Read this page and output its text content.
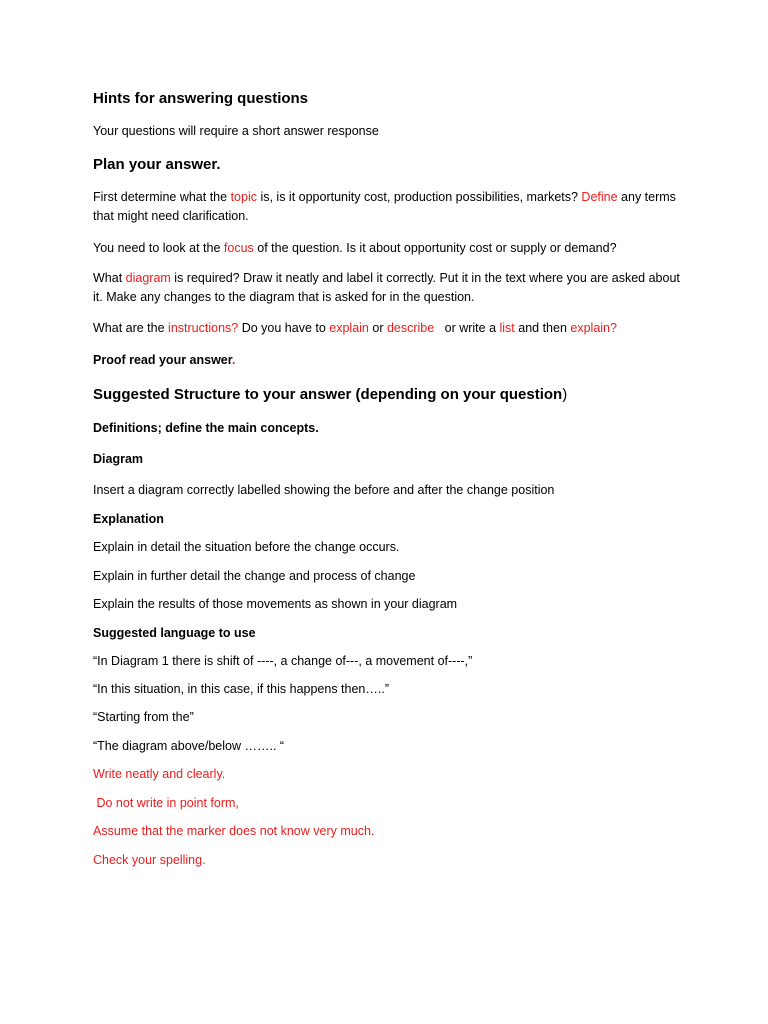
Hints for answering questions

Your questions will require a short answer response

Plan your answer.

First determine what the topic is, is it opportunity cost, production possibilities, markets? Define any terms that might need clarification.

You need to look at the focus of the question. Is it about opportunity cost or supply or demand?

What diagram is required? Draw it neatly and label it correctly. Put it in the text where you are asked about it. Make any changes to the diagram that is asked for in the question.

What are the instructions? Do you have to explain or describe   or write a list and then explain?

Proof read your answer.

Suggested Structure to your answer (depending on your question)

Definitions; define the main concepts.

Diagram

Insert a diagram correctly labelled showing the before and after the change position

Explanation

Explain in detail the situation before the change occurs.

Explain in further detail the change and process of change

Explain the results of those movements as shown in your diagram

Suggested language to use

“In Diagram 1 there is shift of ----, a change of---, a movement of----,”

“In this situation, in this case, if this happens then…..”

“Starting from the”

“The diagram above/below …….. “

Write neatly and clearly.

Do not write in point form,

Assume that the marker does not know very much.

Check your spelling.
